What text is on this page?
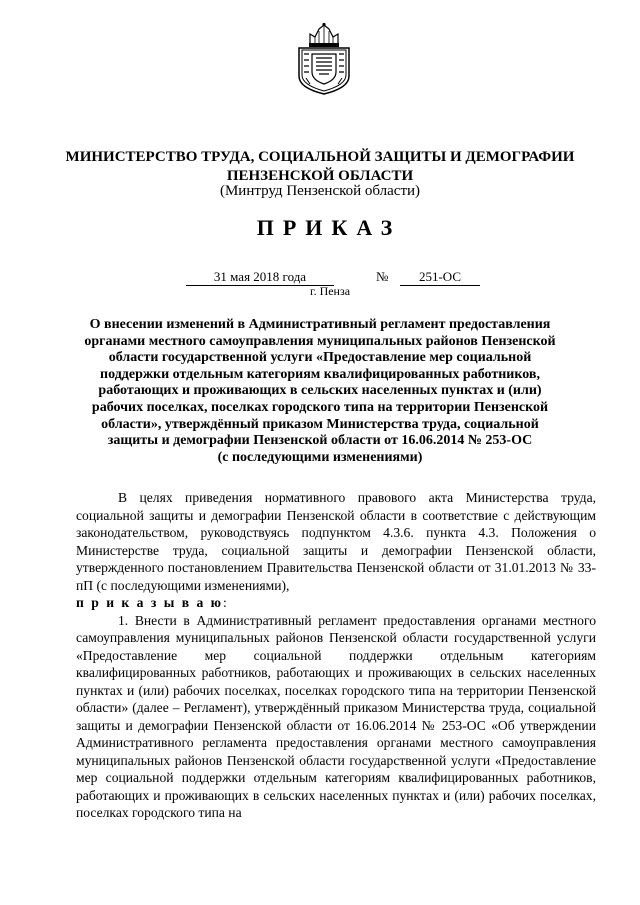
МИНИСТЕРСТВО ТРУДА, СОЦИАЛЬНОЙ ЗАЩИТЫ И ДЕМОГРАФИИ
ПЕНЗЕНСКОЙ ОБЛАСТИ
(Минтруд Пензенской области)
ПРИКАЗ
31 мая 2018 года	№	251-ОС
г. Пенза
О внесении изменений в Административный регламент предоставления
органами местного самоуправления муниципальных районов Пензенской
области государственной услуги «Предоставление мер социальной
поддержки отдельным категориям квалифицированных работников,
работающих и проживающих в сельских населенных пунктах и (или)
рабочих поселках, поселках городского типа на территории Пензенской
области», утверждённый приказом Министерства труда, социальной
защиты и демографии Пензенской области от 16.06.2014 № 253-ОС
(с последующими изменениями)

В целях приведения нормативного правового акта Министерства труда, социальной защиты и демографии Пензенской области в соответствие с действующим законодательством, руководствуясь подпунктом 4.3.6. пункта 4.3. Положения о Министерстве труда, социальной защиты и демографии Пензенской области, утвержденного постановлением Правительства Пензенской области от 31.01.2013 № 33-пП (с последующими изменениями),
п р и к а з ы в а ю:

1. Внести в Административный регламент предоставления органами местного самоуправления муниципальных районов Пензенской области государственной услуги «Предоставление мер социальной поддержки отдельным категориям квалифицированных работников, работающих и проживающих в сельских населенных пунктах и (или) рабочих поселках, поселках городского типа на территории Пензенской области» (далее – Регламент), утверждённый приказом Министерства труда, социальной защиты и демографии Пензенской области от 16.06.2014 № 253-ОС «Об утверждении Административного регламента предоставления органами местного самоуправления муниципальных районов Пензенской области государственной услуги «Предоставление мер социальной поддержки отдельным категориям квалифицированных работников, работающих и проживающих в сельских населенных пунктах и (или) рабочих поселках, поселках городского типа на
